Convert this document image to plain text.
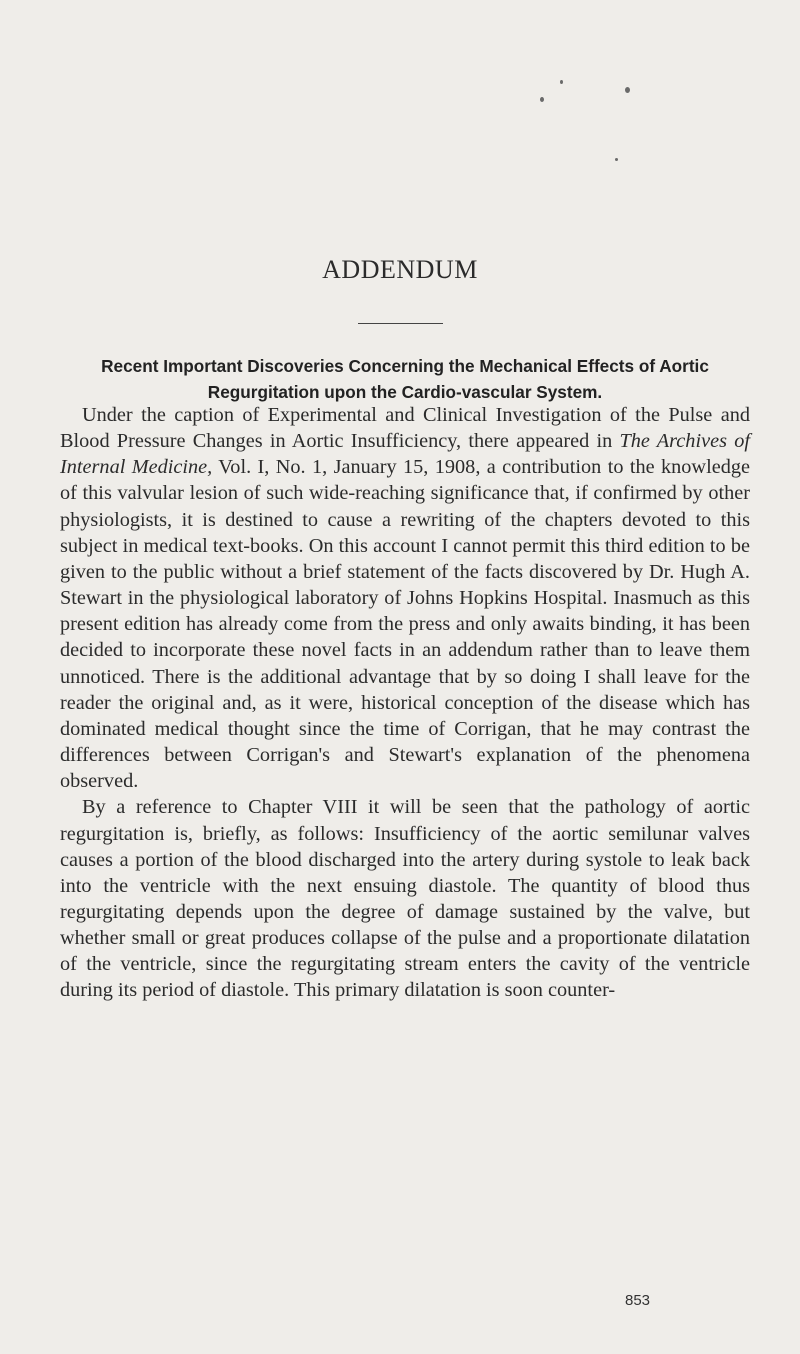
ADDENDUM
Recent Important Discoveries Concerning the Mechanical Effects of Aortic Regurgitation upon the Cardio-vascular System.

Under the caption of Experimental and Clinical Investigation of the Pulse and Blood Pressure Changes in Aortic Insufficiency, there appeared in The Archives of Internal Medicine, Vol. I, No. 1, January 15, 1908, a contribution to the knowledge of this valvular lesion of such wide-reaching significance that, if confirmed by other physiologists, it is destined to cause a rewriting of the chapters devoted to this subject in medical text-books. On this account I cannot permit this third edition to be given to the public without a brief statement of the facts discovered by Dr. Hugh A. Stewart in the physiological laboratory of Johns Hopkins Hospital. Inasmuch as this present edition has already come from the press and only awaits binding, it has been decided to incorporate these novel facts in an addendum rather than to leave them unnoticed. There is the additional advantage that by so doing I shall leave for the reader the original and, as it were, historical conception of the disease which has dominated medical thought since the time of Corrigan, that he may contrast the differences between Corrigan's and Stewart's explanation of the phenomena observed.

By a reference to Chapter VIII it will be seen that the pathology of aortic regurgitation is, briefly, as follows: Insufficiency of the aortic semilunar valves causes a portion of the blood discharged into the artery during systole to leak back into the ventricle with the next ensuing diastole. The quantity of blood thus regurgitating depends upon the degree of damage sustained by the valve, but whether small or great produces collapse of the pulse and a proportionate dilatation of the ventricle, since the regurgitating stream enters the cavity of the ventricle during its period of diastole. This primary dilatation is soon counter-

853
